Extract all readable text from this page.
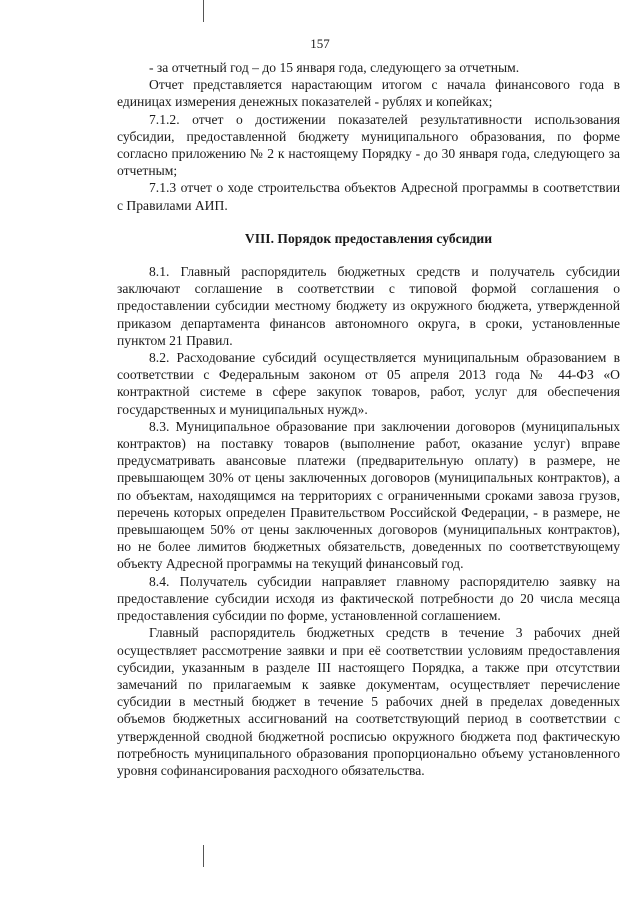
157

- за отчетный год – до 15 января года, следующего за отчетным.

Отчет представляется нарастающим итогом с начала финансового года в единицах измерения денежных показателей - рублях и копейках;

7.1.2. отчет о достижении показателей результативности использования субсидии, предоставленной бюджету муниципального образования, по форме согласно приложению № 2 к настоящему Порядку - до 30 января года, следующего за отчетным;

7.1.3 отчет о ходе строительства объектов Адресной программы в соответствии с Правилами АИП.

VIII. Порядок предоставления субсидии

8.1. Главный распорядитель бюджетных средств и получатель субсидии заключают соглашение в соответствии с типовой формой соглашения о предоставлении субсидии местному бюджету из окружного бюджета, утвержденной приказом департамента финансов автономного округа, в сроки, установленные пунктом 21 Правил.

8.2. Расходование субсидий осуществляется муниципальным образованием в соответствии с Федеральным законом от 05 апреля 2013 года № 44-ФЗ «О контрактной системе в сфере закупок товаров, работ, услуг для обеспечения государственных и муниципальных нужд».

8.3. Муниципальное образование при заключении договоров (муниципальных контрактов) на поставку товаров (выполнение работ, оказание услуг) вправе предусматривать авансовые платежи (предварительную оплату) в размере, не превышающем 30% от цены заключенных договоров (муниципальных контрактов), а по объектам, находящимся на территориях с ограниченными сроками завоза грузов, перечень которых определен Правительством Российской Федерации, - в размере, не превышающем 50% от цены заключенных договоров (муниципальных контрактов), но не более лимитов бюджетных обязательств, доведенных по соответствующему объекту Адресной программы на текущий финансовый год.

8.4. Получатель субсидии направляет главному распорядителю заявку на предоставление субсидии исходя из фактической потребности до 20 числа месяца предоставления субсидии по форме, установленной соглашением.

Главный распорядитель бюджетных средств в течение 3 рабочих дней осуществляет рассмотрение заявки и при её соответствии условиям предоставления субсидии, указанным в разделе III настоящего Порядка, а также при отсутствии замечаний по прилагаемым к заявке документам, осуществляет перечисление субсидии в местный бюджет в течение 5 рабочих дней в пределах доведенных объемов бюджетных ассигнований на соответствующий период в соответствии с утвержденной сводной бюджетной росписью окружного бюджета под фактическую потребность муниципального образования пропорционально объему установленного уровня софинансирования расходного обязательства.
